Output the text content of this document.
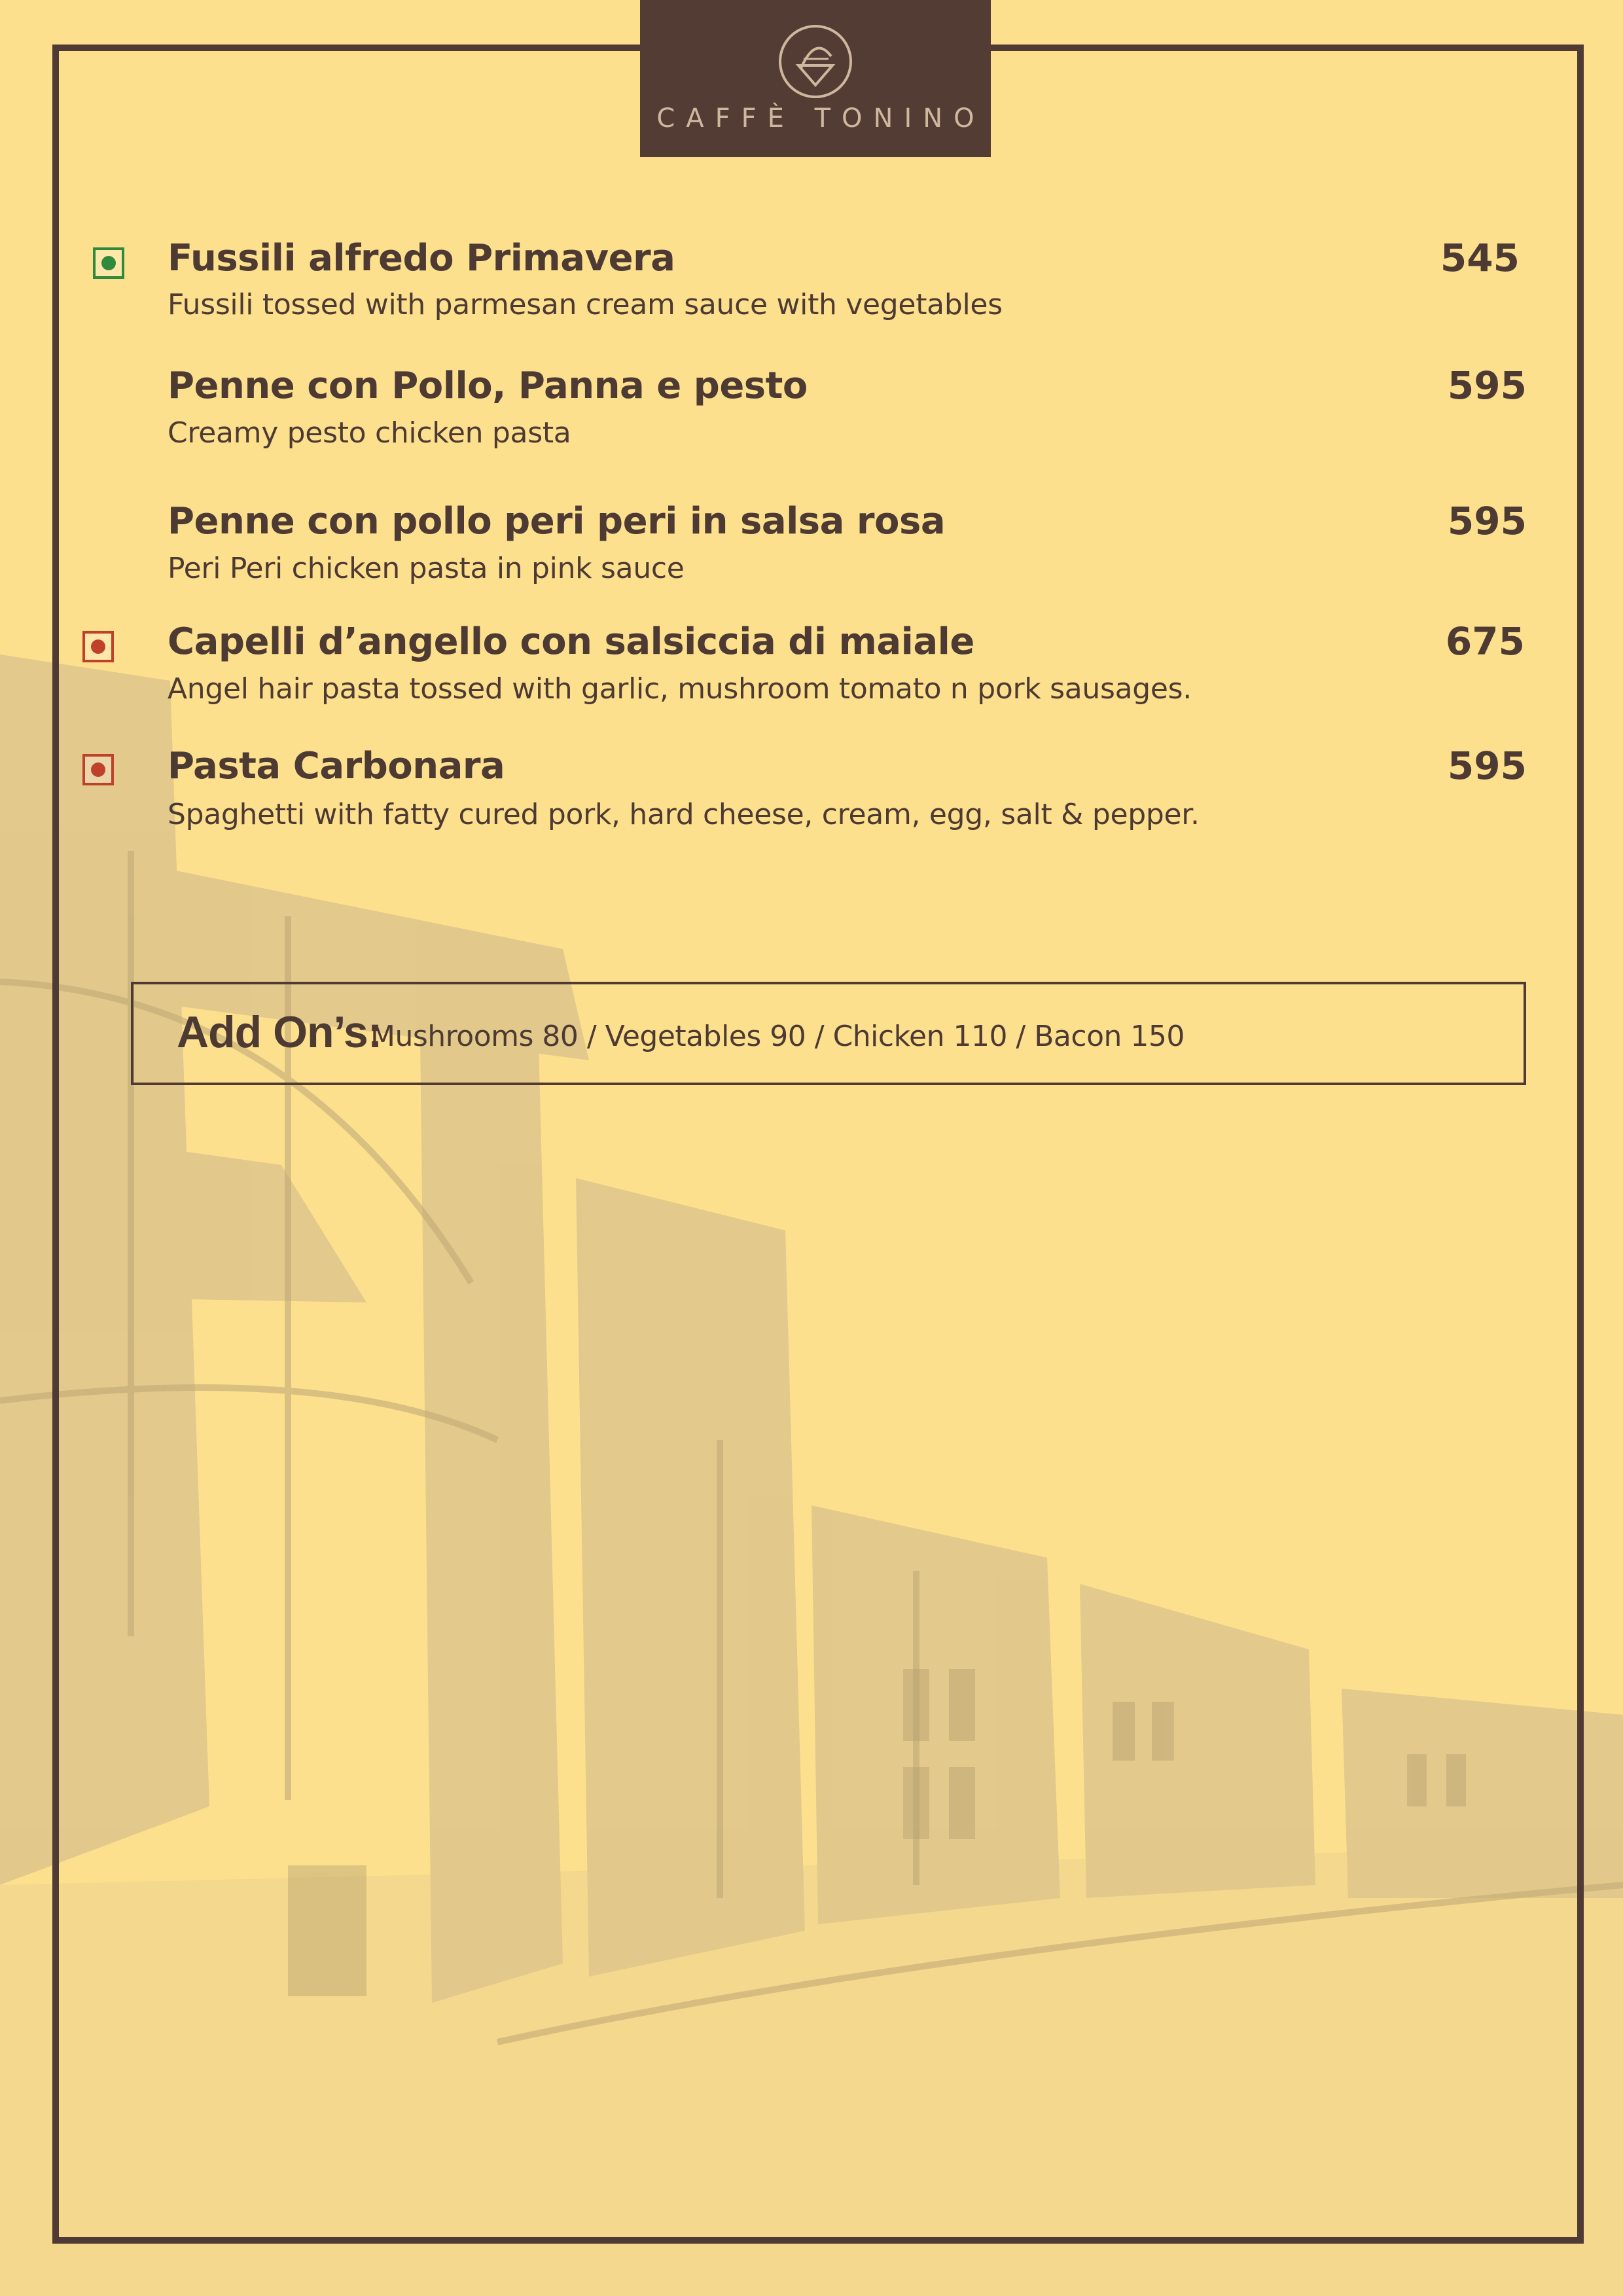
CAFFÈ TONINO
Fussili alfredo Primavera	545

Fussili tossed with parmesan cream sauce with vegetables

Penne con Pollo, Panna e pesto	595

Creamy pesto chicken pasta

Penne con pollo peri peri in salsa rosa	595

Peri Peri chicken pasta in pink sauce

Capelli d’angello con salsiccia di maiale	675

Angel hair pasta tossed with garlic, mushroom tomato n pork sausages.

Pasta Carbonara	595

Spaghetti with fatty cured pork, hard cheese, cream, egg, salt & pepper.

Add On’s:
Mushrooms 80 / Vegetables 90 / Chicken 110 / Bacon 150
